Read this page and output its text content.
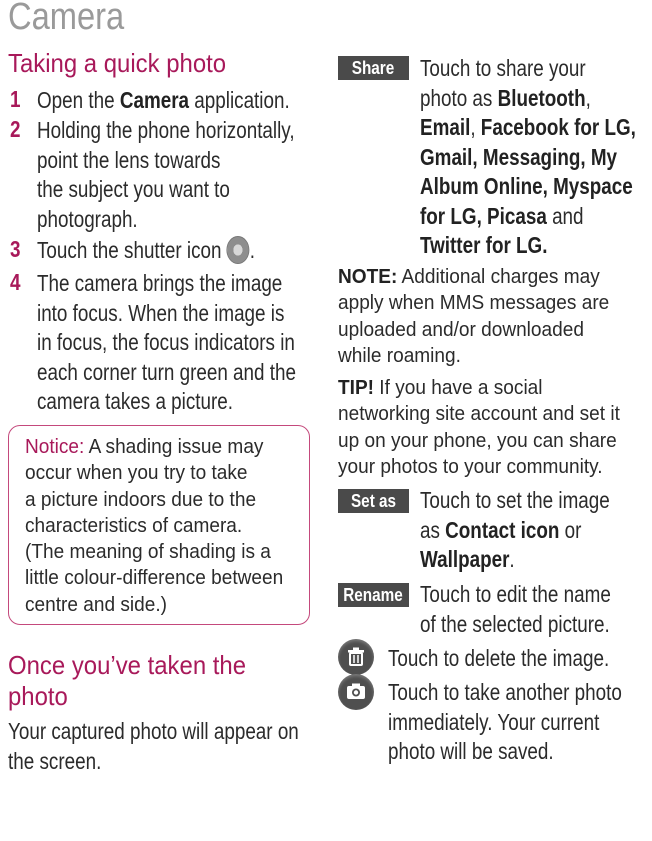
Camera
Taking a quick photo
1 Open the Camera application.
2 Holding the phone horizontally,
point the lens towards
the subject you want to
photograph.
3 Touch the shutter icon .
4 The camera brings the image
into focus. When the image is
in focus, the focus indicators in
each corner turn green and the
camera takes a picture.
Notice: A shading issue may
occur when you try to take
a picture indoors due to the
characteristics of camera.
(The meaning of shading is a
little colour-difference between
centre and side.)
Once you’ve taken the
photo
Your captured photo will appear on
the screen.
Share	Touch to share your
photo as Bluetooth,
Email, Facebook for LG,
Gmail, Messaging, My
Album Online, Myspace
for LG, Picasa and
Twitter for LG.
NOTE: Additional charges may
apply when MMS messages are
uploaded and/or downloaded
while roaming.
TIP! If you have a social
networking site account and set it
up on your phone, you can share
your photos to your community.
Set as	Touch to set the image
as Contact icon or
Wallpaper.
Rename Touch to edit the name
of the selected picture.
Touch to delete the image.
Touch to take another photo
immediately. Your current
photo will be saved.
